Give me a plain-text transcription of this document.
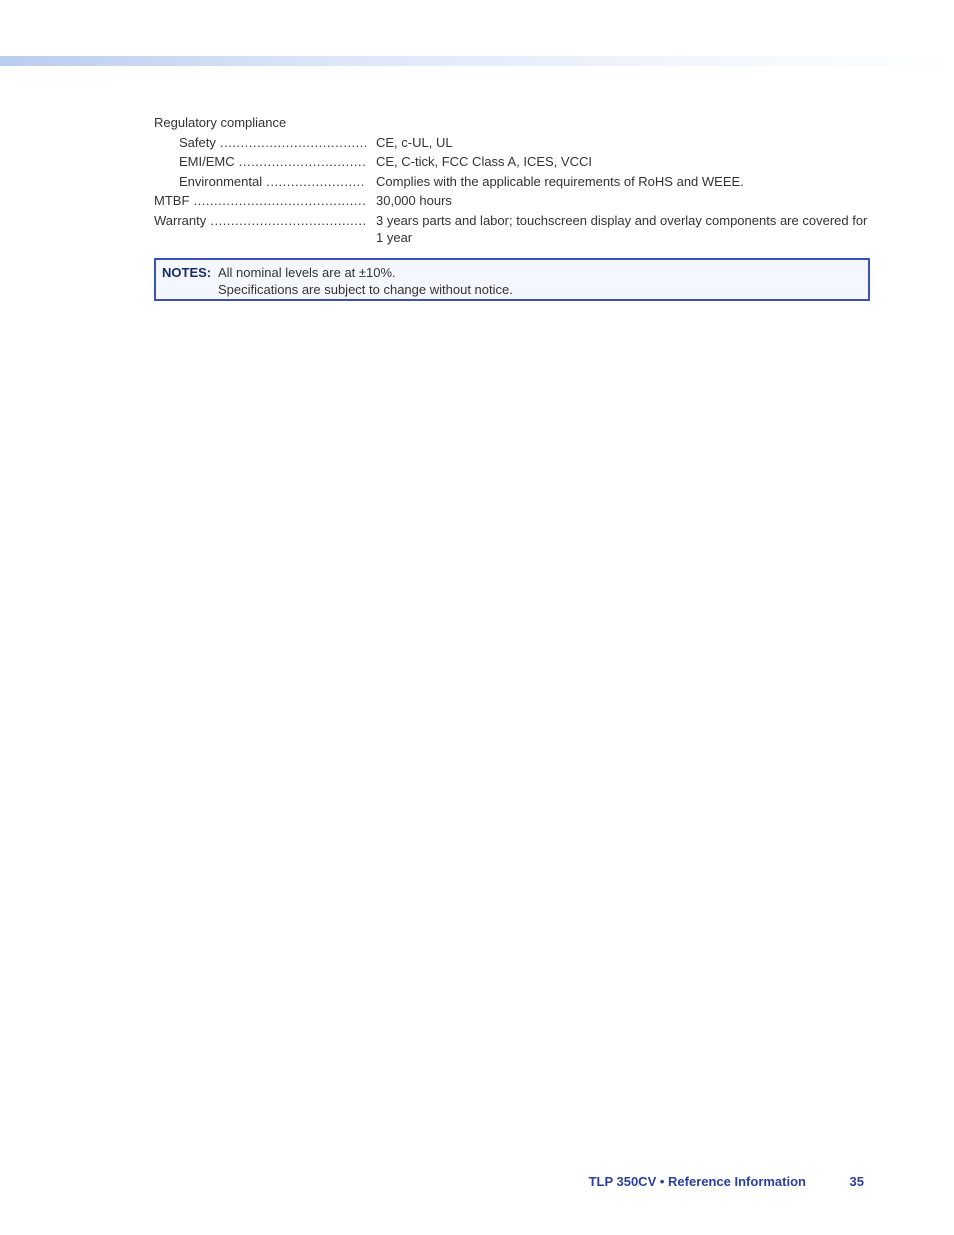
Regulatory compliance
Safety .....	CE, c-UL, UL
EMI/EMC .....	CE, C-tick, FCC Class A, ICES, VCCI
Environmental .....	Complies with the applicable requirements of RoHS and WEEE.
MTBF .....	30,000 hours
Warranty .....	3 years parts and labor; touchscreen display and overlay components are covered for 1 year
NOTES: All nominal levels are at ±10%.
Specifications are subject to change without notice.
TLP 350CV • Reference Information	35
